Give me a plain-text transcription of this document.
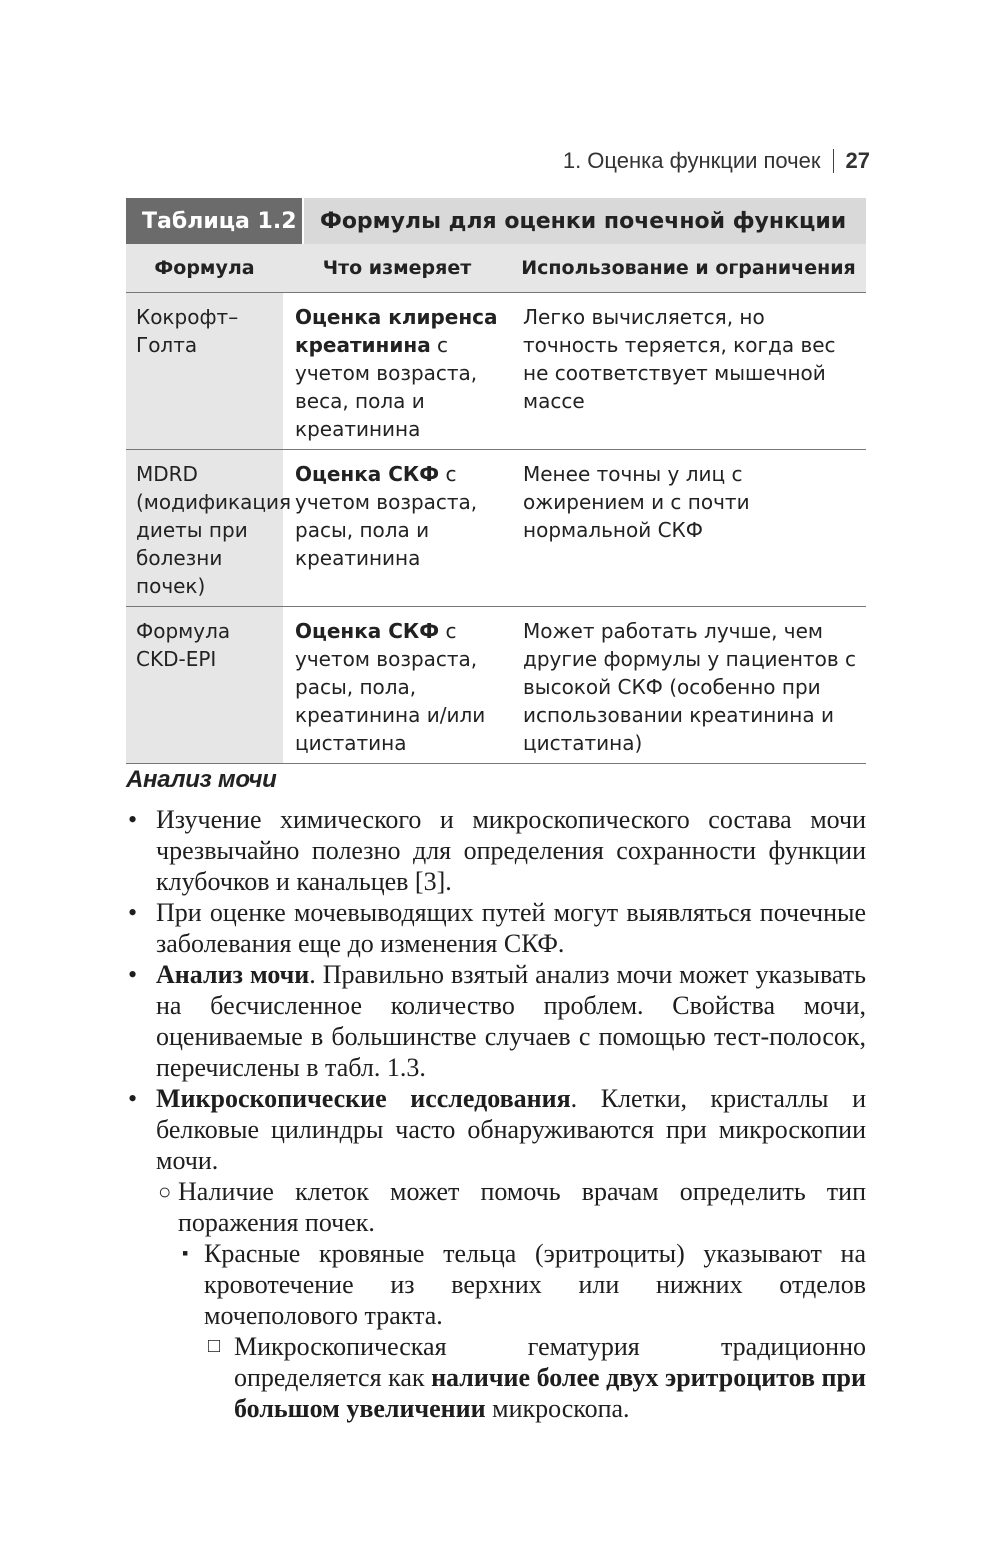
1. Оценка функции почек 27
Таблица 1.2	Формулы для оценки почечной функции
Формула	Что измеряет	Использование и ограничения
Кокрофт–Голта	Оценка клиренса креатинина с учетом возраста, веса, пола и креатинина	Легко вычисляется, но точность теряется, когда вес не соответствует мышечной массе
MDRD (модификация диеты при болезни почек)	Оценка СКФ с учетом возраста, расы, пола и креатинина	Менее точны у лиц с ожирением и с почти нормальной СКФ
Формула CKD-EPI	Оценка СКФ с учетом возраста, расы, пола, креатинина и/или цистатина	Может работать лучше, чем другие формулы у пациентов с высокой СКФ (особенно при использовании креатинина и цистатина)
Анализ мочи
• Изучение химического и микроскопического состава мочи чрезвычайно полезно для определения сохранности функции клубочков и канальцев [3].
• При оценке мочевыводящих путей могут выявляться почечные заболевания еще до изменения СКФ.
• Анализ мочи. Правильно взятый анализ мочи может указывать на бесчисленное количество проблем. Свойства мочи, оцениваемые в большинстве случаев с помощью тест-полосок, перечислены в табл. 1.3.
• Микроскопические исследования. Клетки, кристаллы и белковые цилиндры часто обнаруживаются при микроскопии мочи.
○ Наличие клеток может помочь врачам определить тип поражения почек.
▪ Красные кровяные тельца (эритроциты) указывают на кровотечение из верхних или нижних отделов мочеполового тракта.
□ Микроскопическая гематурия традиционно определяется как наличие более двух эритроцитов при большом увеличении микроскопа.
